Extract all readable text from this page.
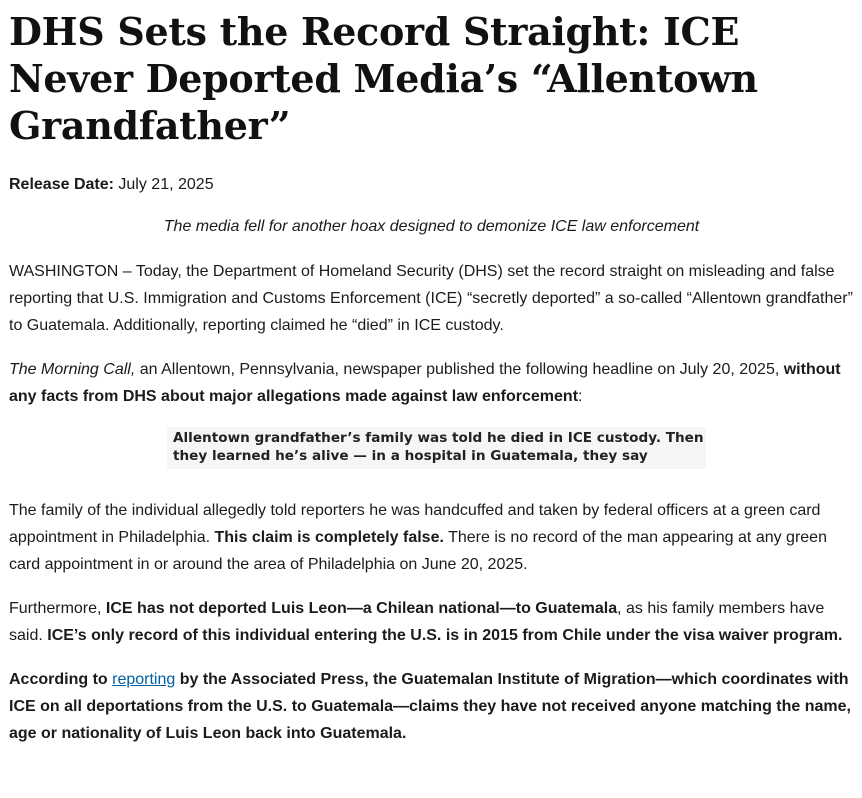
DHS Sets the Record Straight: ICE Never Deported Media’s “Allentown Grandfather”
Release Date: July 21, 2025
The media fell for another hoax designed to demonize ICE law enforcement

WASHINGTON – Today, the Department of Homeland Security (DHS) set the record straight on misleading and false reporting that U.S. Immigration and Customs Enforcement (ICE) “secretly deported” a so-called “Allentown grandfather” to Guatemala. Additionally, reporting claimed he “died” in ICE custody.

The Morning Call, an Allentown, Pennsylvania, newspaper published the following headline on July 20, 2025, without any facts from DHS about major allegations made against law enforcement:

Allentown grandfather’s family was told he died in ICE custody. Then they learned he’s alive — in a hospital in Guatemala, they say

The family of the individual allegedly told reporters he was handcuffed and taken by federal officers at a green card appointment in Philadelphia. This claim is completely false. There is no record of the man appearing at any green card appointment in or around the area of Philadelphia on June 20, 2025.

Furthermore, ICE has not deported Luis Leon—a Chilean national—to Guatemala, as his family members have said. ICE’s only record of this individual entering the U.S. is in 2015 from Chile under the visa waiver program.

According to reporting by the Associated Press, the Guatemalan Institute of Migration—which coordinates with ICE on all deportations from the U.S. to Guatemala—claims they have not received anyone matching the name, age or nationality of Luis Leon back into Guatemala.
